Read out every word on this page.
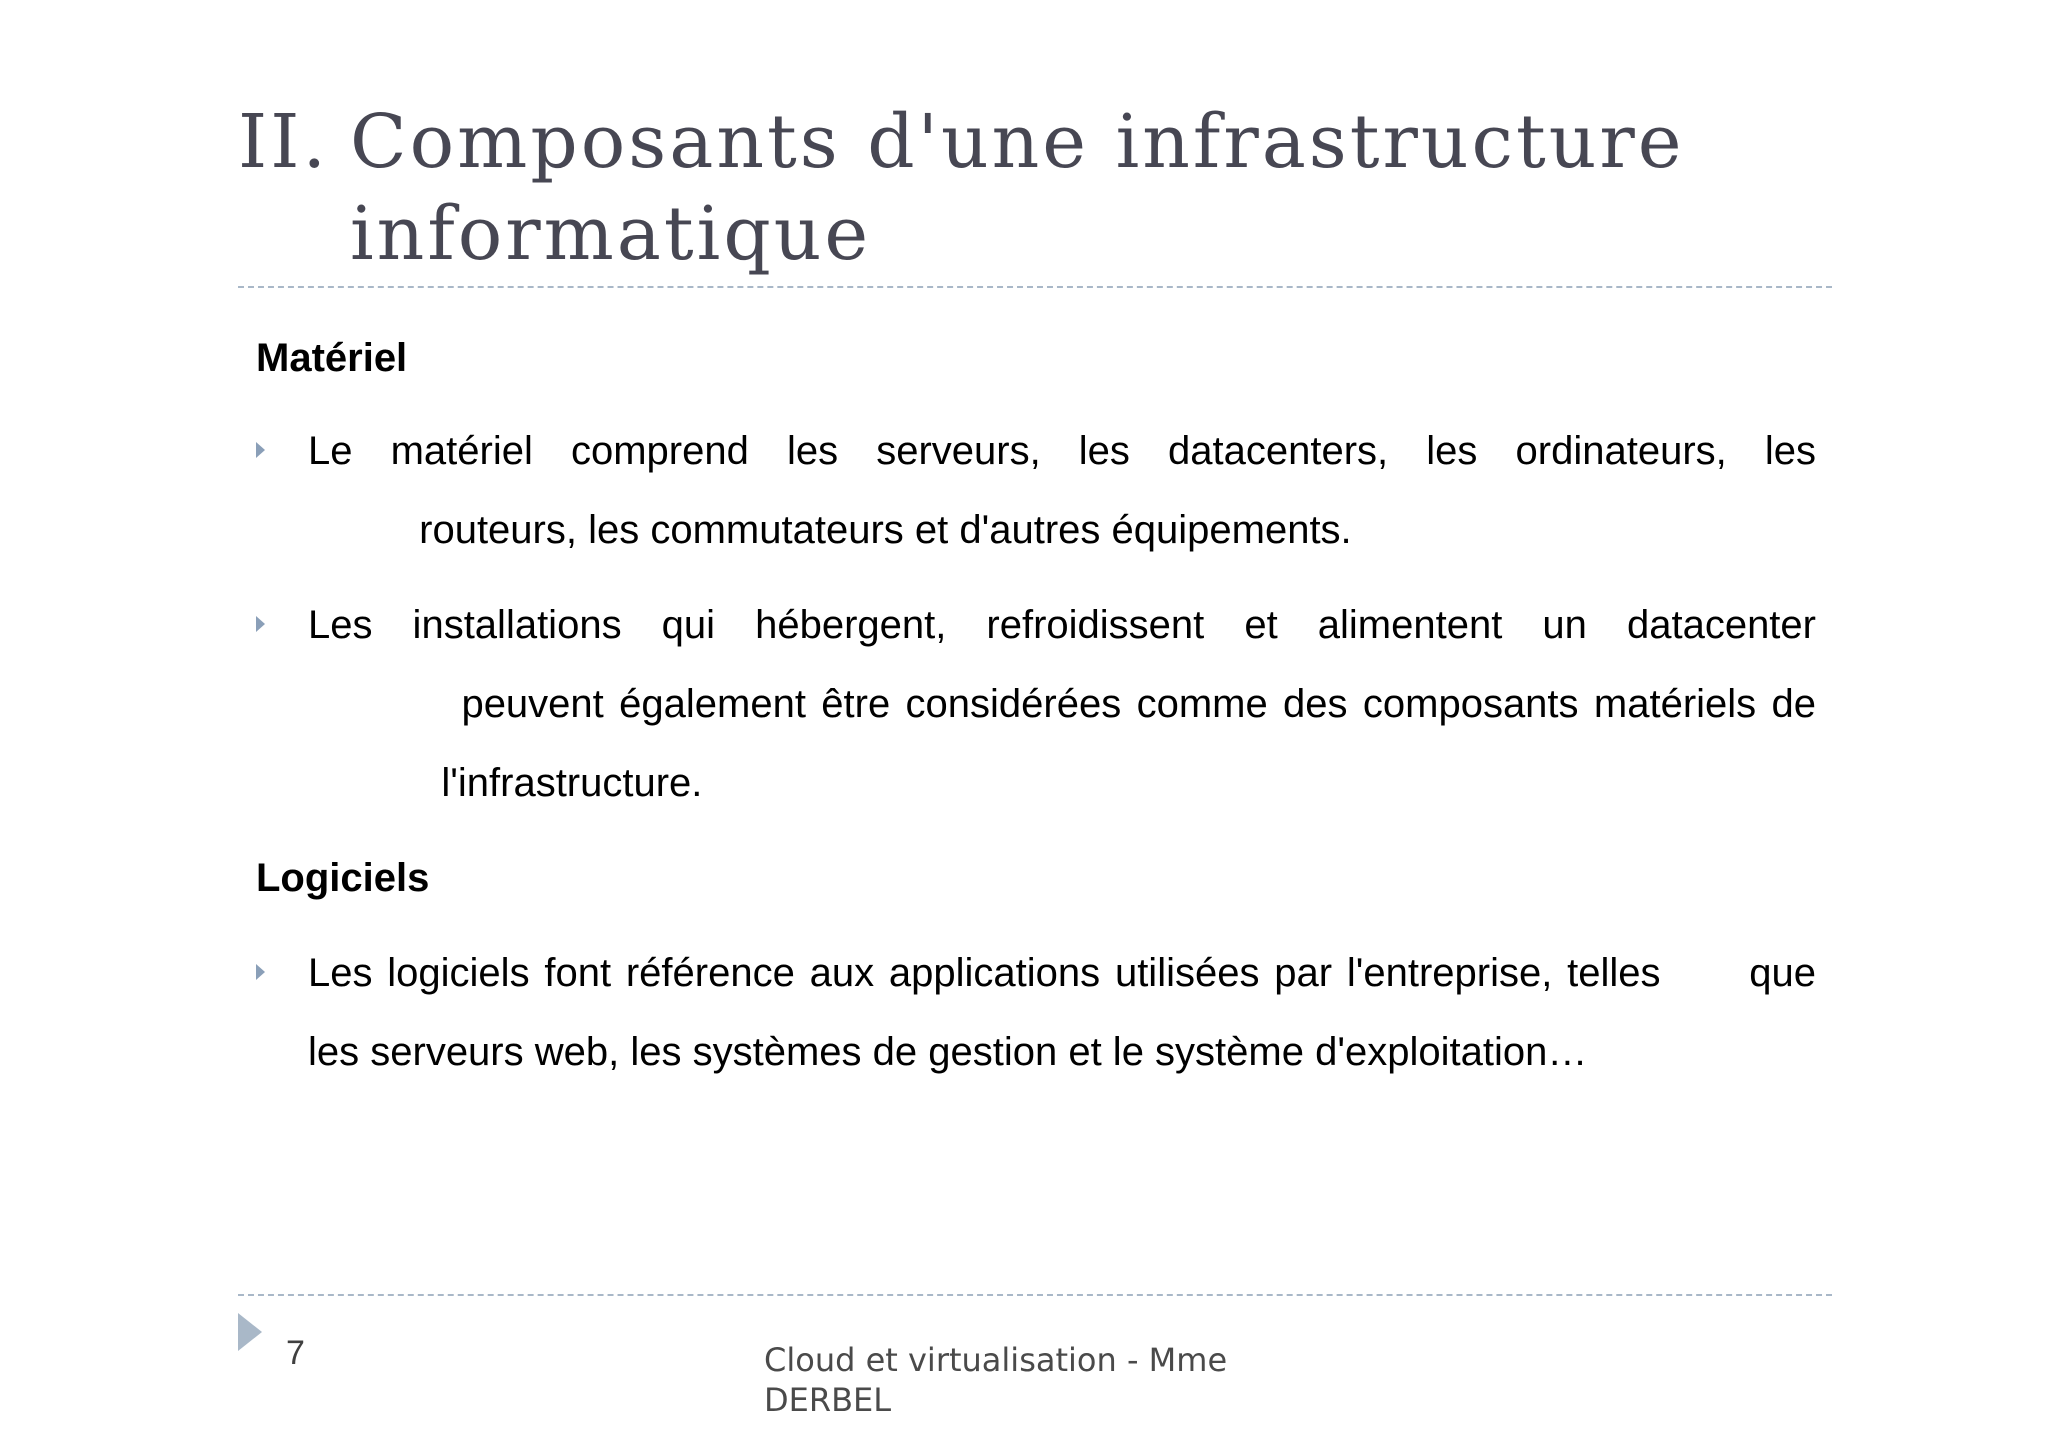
II. Composants d'une infrastructure
informatique
Matériel
Le matériel comprend les serveurs, les datacenters, les ordinateurs, les           routeurs, les commutateurs et d'autres équipements.
Les installations qui hébergent, refroidissent et alimentent un datacenter           peuvent également être considérées comme des composants matériels de             l'infrastructure.
Logiciels
Les logiciels font référence aux applications utilisées par l'entreprise, telles      que les serveurs web, les systèmes de gestion et le système d'exploitation…
7	Cloud et virtualisation - Mme DERBEL
